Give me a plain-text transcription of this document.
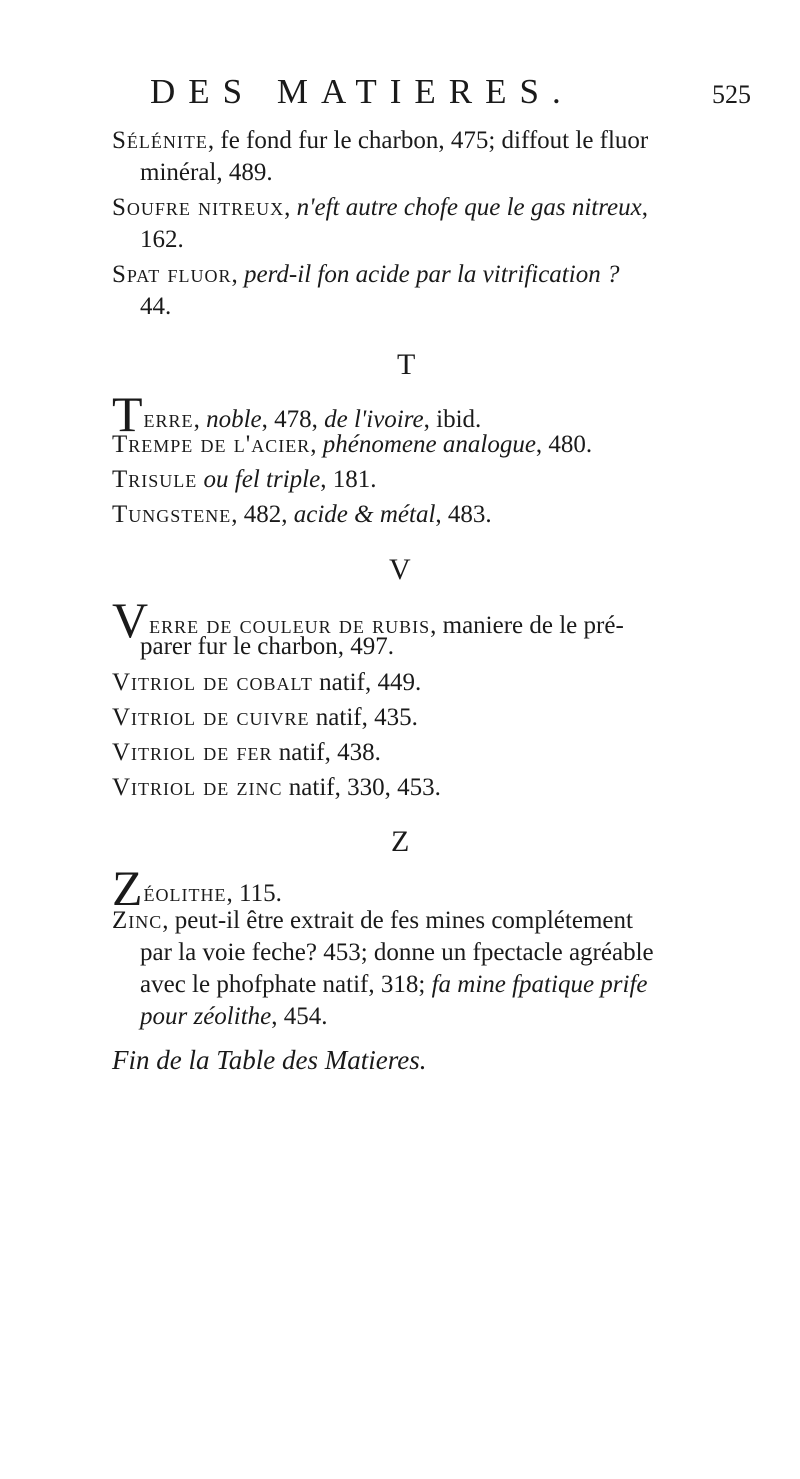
DES MATIERES.	525
Sélénite, fe fond fur le charbon, 475; diffout le fluor
minéral, 489.
Soufre nitreux, n'eft autre chofe que le gas nitreux,
162.
Spat fluor, perd-il fon acide par la vitrification ?
44.
T
Terre, noble, 478, de l'ivoire, ibid.
Trempe de l'acier, phénomene analogue, 480.
Trisule ou fel triple, 181.
Tungstene, 482, acide & métal, 483.
V
Verre de couleur de rubis, maniere de le pré-
parer fur le charbon, 497.
Vitriol de cobalt natif, 449.
Vitriol de cuivre natif, 435.
Vitriol de fer natif, 438.
Vitriol de zinc natif, 330, 453.
Z
Zéolithe, 115.
Zinc, peut-il être extrait de fes mines complétement
par la voie feche? 453; donne un fpectacle agréable
avec le phofphate natif, 318; fa mine fpatique prife
pour zéolithe, 454.
Fin de la Table des Matieres.
